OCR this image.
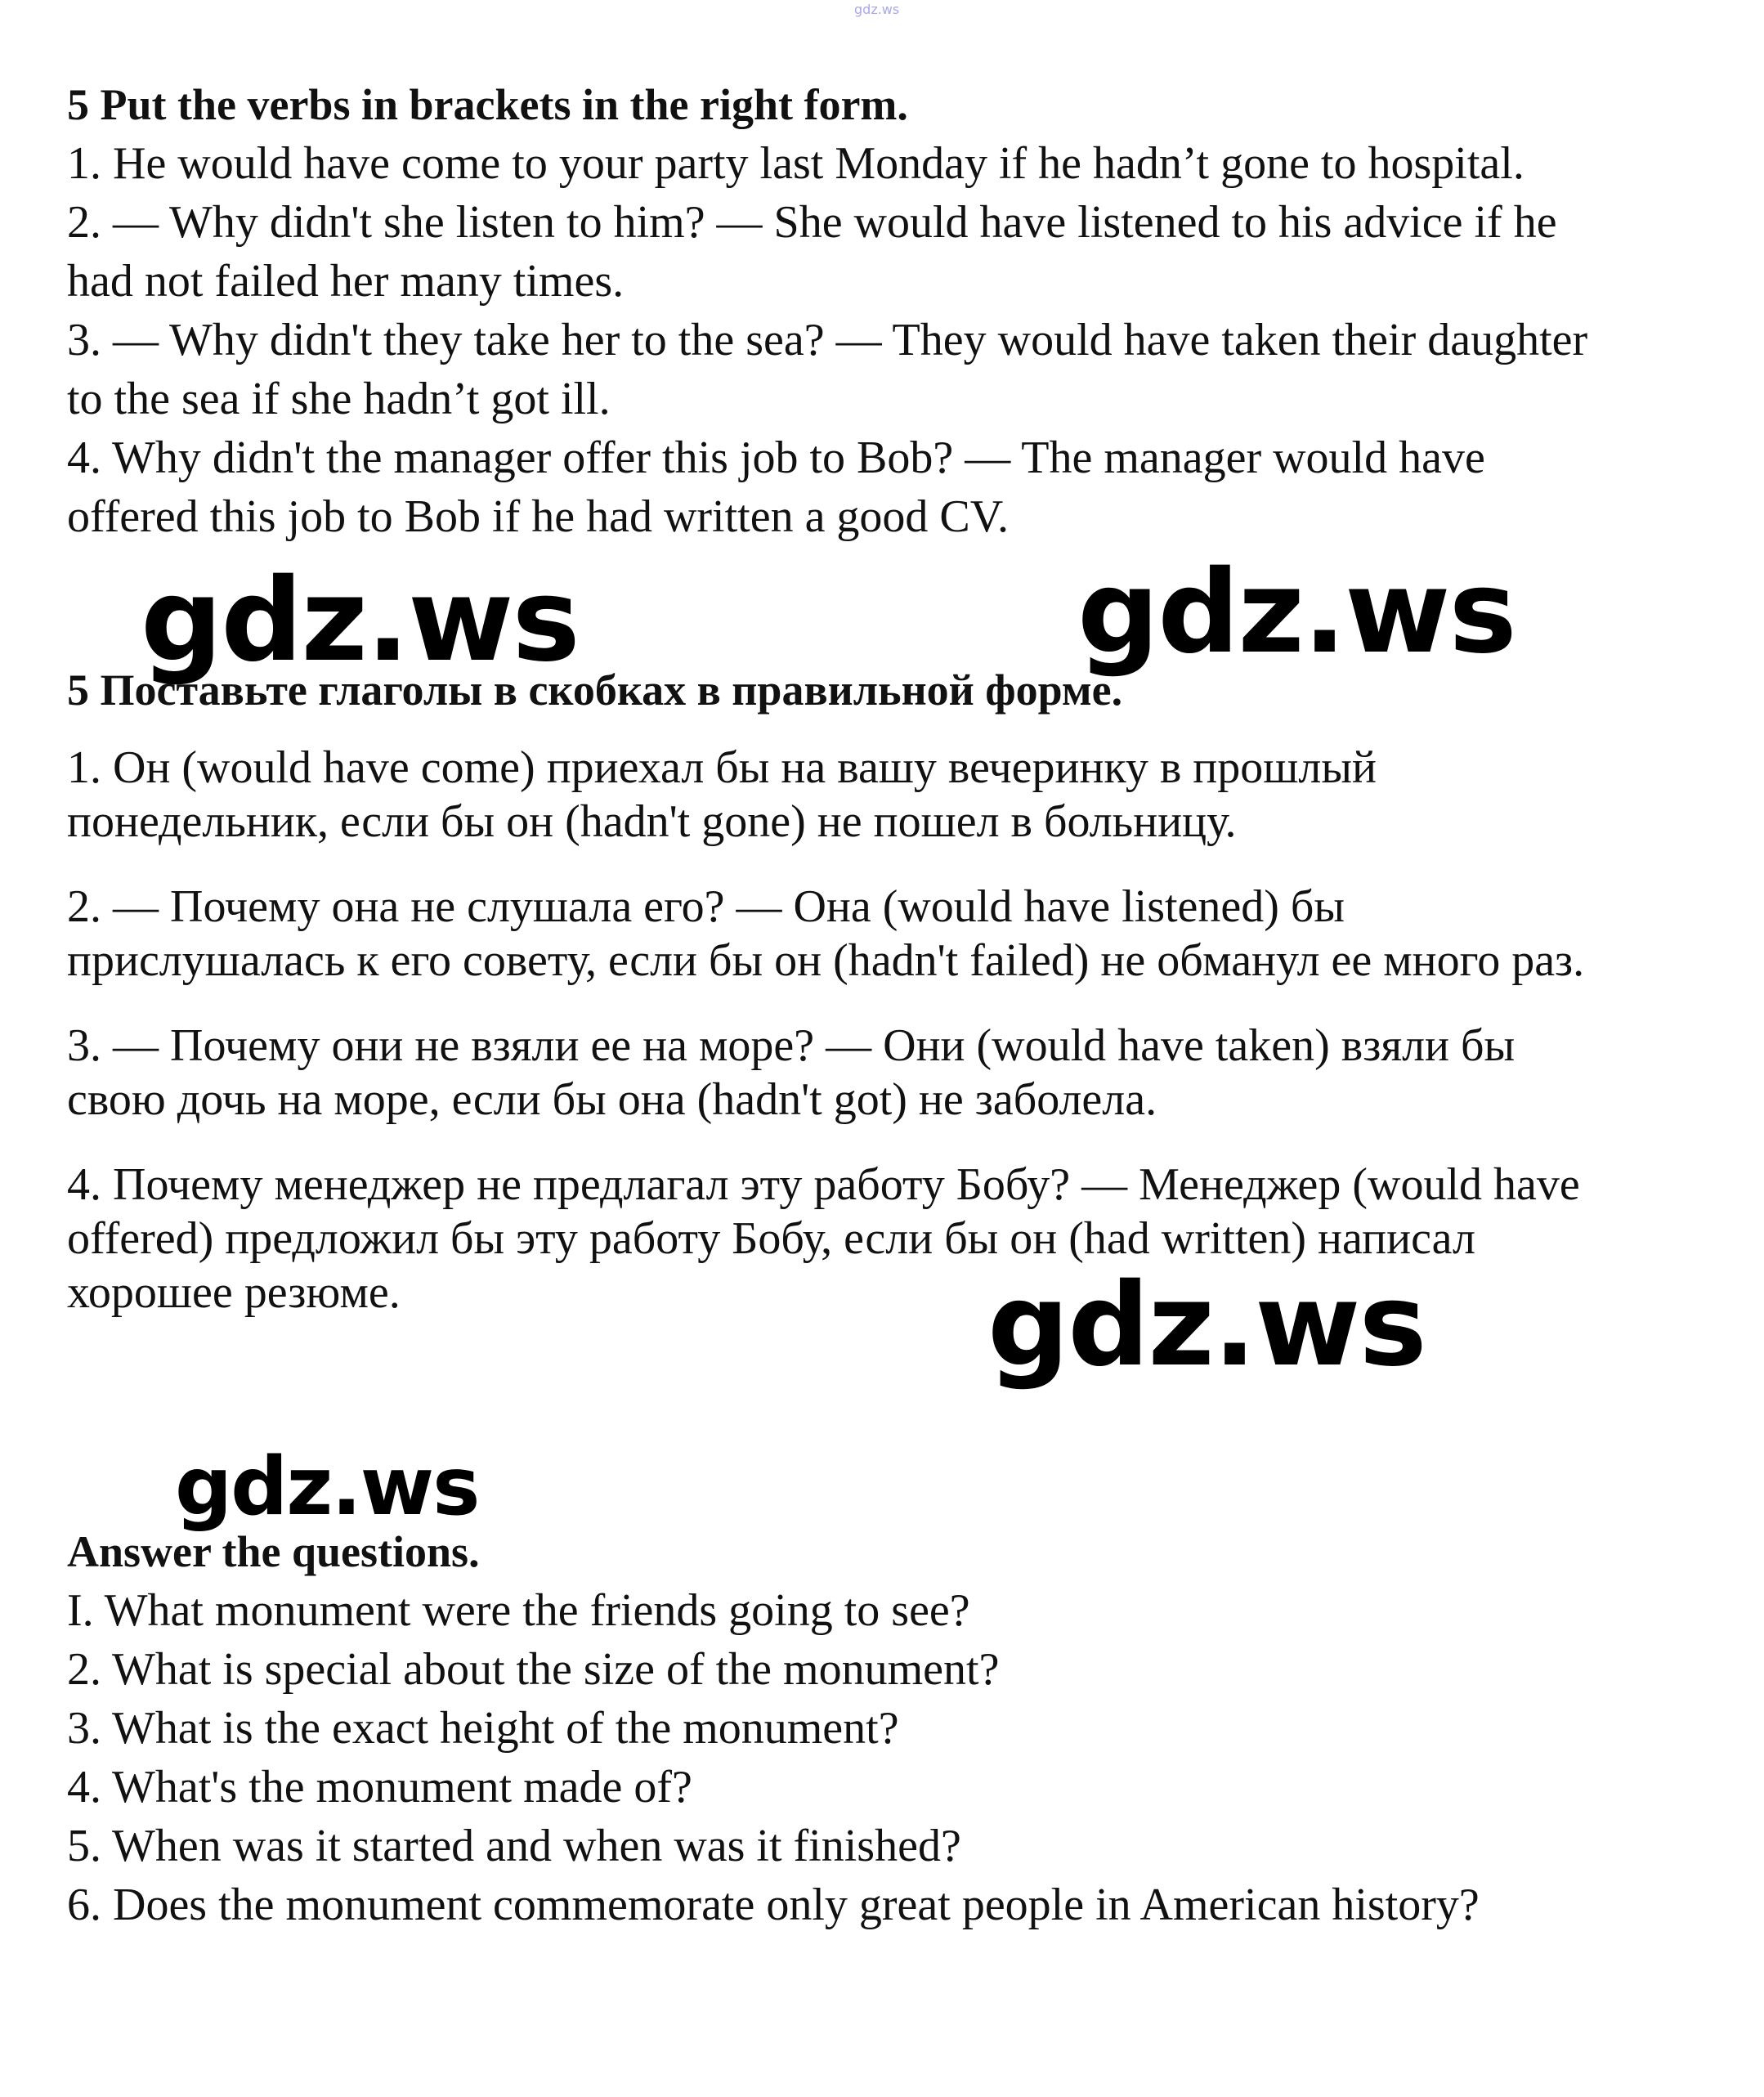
gdz.ws
5 Put the verbs in brackets in the right form.
1. He would have come to your party last Monday if he hadn’t gone to hospital.
2. — Why didn't she listen to him? — She would have listened to his advice if he
had not failed her many times.
3. — Why didn't they take her to the sea? — They would have taken their daughter
to the sea if she hadn’t got ill.
4. Why didn't the manager offer this job to Bob? — The manager would have
offered this job to Bob if he had written a good CV.
5 Поставьте глаголы в скобках в правильной форме.
1. Он (would have come) приехал бы на вашу вечеринку в прошлый
понедельник, если бы он (hadn't gone) не пошел в больницу.
2. — Почему она не слушала его? — Она (would have listened) бы
прислушалась к его совету, если бы он (hadn't failed) не обманул ее много раз.
3. — Почему они не взяли ее на море? — Они (would have taken) взяли бы
свою дочь на море, если бы она (hadn't got) не заболела.
4. Почему менеджер не предлагал эту работу Бобу? — Менеджер (would have
offered) предложил бы эту работу Бобу, если бы он (had written) написал
хорошее резюме.
Answer the questions.
I. What monument were the friends going to see?
2. What is special about the size of the monument?
3. What is the exact height of the monument?
4. What's the monument made of?
5. When was it started and when was it finished?
6. Does the monument commemorate only great people in American history?
gdz.ws	gdz.ws
gdz.ws
gdz.ws
